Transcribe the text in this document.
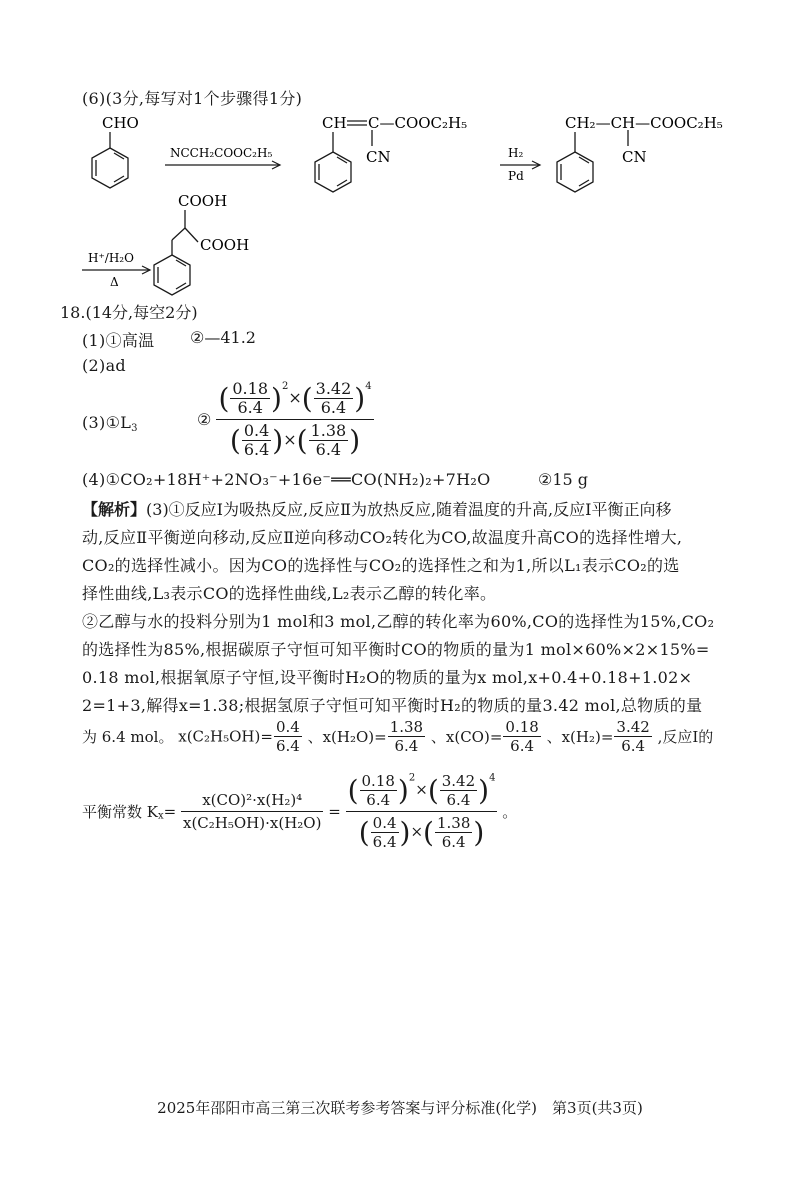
(6)(3分,每写对1个步骤得1分)
CHO
NCCH₂COOC₂H₅
CH C—COOC₂H₅
CN	H₂
Pd
CH₂—CH—COOC₂H₅
CN
H⁺/H₂O
Δ
COOH
COOH
18.(14分,每空2分)
(1)①高温 ②—41.2
(2)ad
$(3)①L_3$	② $\frac{( \frac{0.18}{6.4} )^2\times( \frac{3.42}{6.4} )^4}{( \frac{0.4}{6.4} )\times( \frac{1.38}{6.4} )}$
(4)①CO₂+18H⁺+2NO₃⁻+16e⁻══CO(NH₂)₂+7H₂O	②15 g
【解析】(3)①反应Ⅰ为吸热反应,反应Ⅱ为放热反应,随着温度的升高,反应Ⅰ平衡正向移
动,反应Ⅱ平衡逆向移动,反应Ⅱ逆向移动CO₂转化为CO,故温度升高CO的选择性增大,
CO₂的选择性减小。因为CO的选择性与CO₂的选择性之和为1,所以L₁表示CO₂的选
择性曲线,L₃表示CO的选择性曲线,L₂表示乙醇的转化率。
②乙醇与水的投料分别为1 mol和3 mol,乙醇的转化率为60%,CO的选择性为15%,CO₂
的选择性为85%,根据碳原子守恒可知平衡时CO的物质的量为1 mol×60%×2×15%=
0.18 mol,根据氧原子守恒,设平衡时H₂O的物质的量为x mol,x+0.4+0.18+1.02×
2=1+3,解得x=1.38;根据氢原子守恒可知平衡时H₂的物质的量3.42 mol,总物质的量
为 6.4 mol。 $x(C_2H_5OH)= \frac{0.4}{6.4}$ 、$x(H_2O)= \frac{1.38}{6.4}$ 、$x(CO)= \frac{0.18}{6.4}$ 、$x(H_2)= \frac{3.42}{6.4}$ ,反应Ⅰ的
平衡常数 $K_x= \frac{\text{x(CO)²·x(H₂)⁴}}{\text{x(C₂H₅OH)·x(H₂O)}} = \frac{( \frac{0.18}{6.4} )^2\times( \frac{3.42}{6.4} )^4}{( \frac{0.4}{6.4} )\times( \frac{1.38}{6.4} )}$ 。
2025年邵阳市高三第三次联考参考答案与评分标准(化学)　第3页(共3页)
